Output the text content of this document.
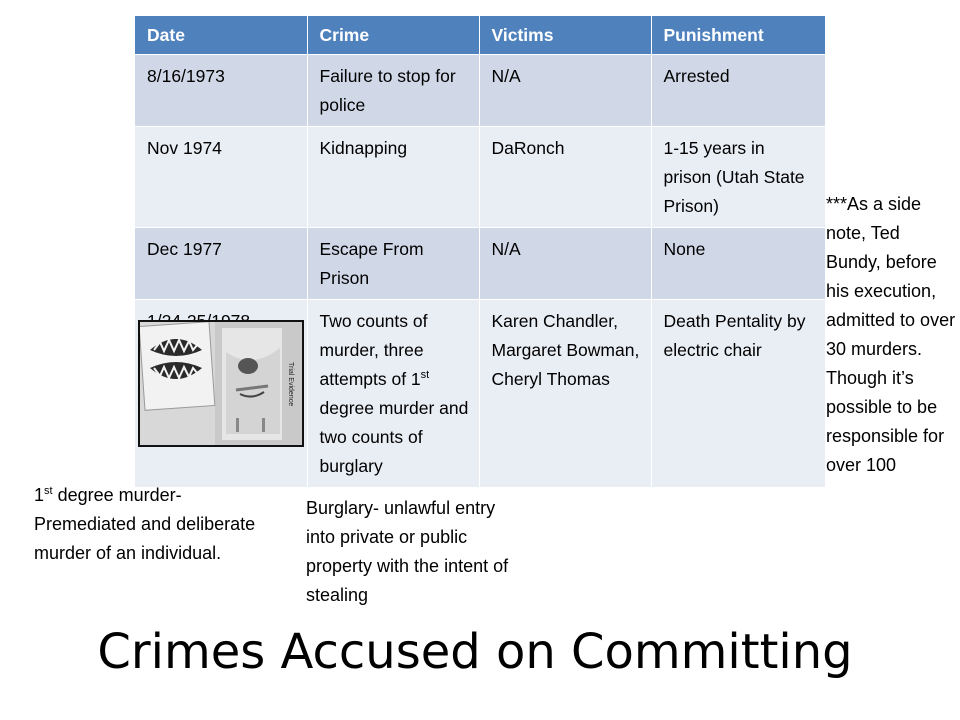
Date	Crime	Victims	Punishment
8/16/1973	Failure to stop for police	N/A	Arrested
Nov 1974	Kidnapping	DaRonch	1-15 years in prison (Utah State Prison)
Dec 1977	Escape From Prison	N/A	None
	Two counts of murder, three attempts of 1st degree murder and two counts of burglary	Karen Chandler, Margaret Bowman, Cheryl Thomas	Death Pentality by electric chair
Trial Evidence
***As a side note, Ted Bundy, before his execution, admitted to over 30 murders. Though it’s possible to be responsible for over 100
1st degree murder- Premediated and deliberate murder of an individual.
Burglary- unlawful entry into private or public property with the intent of stealing
Crimes Accused on Committing
